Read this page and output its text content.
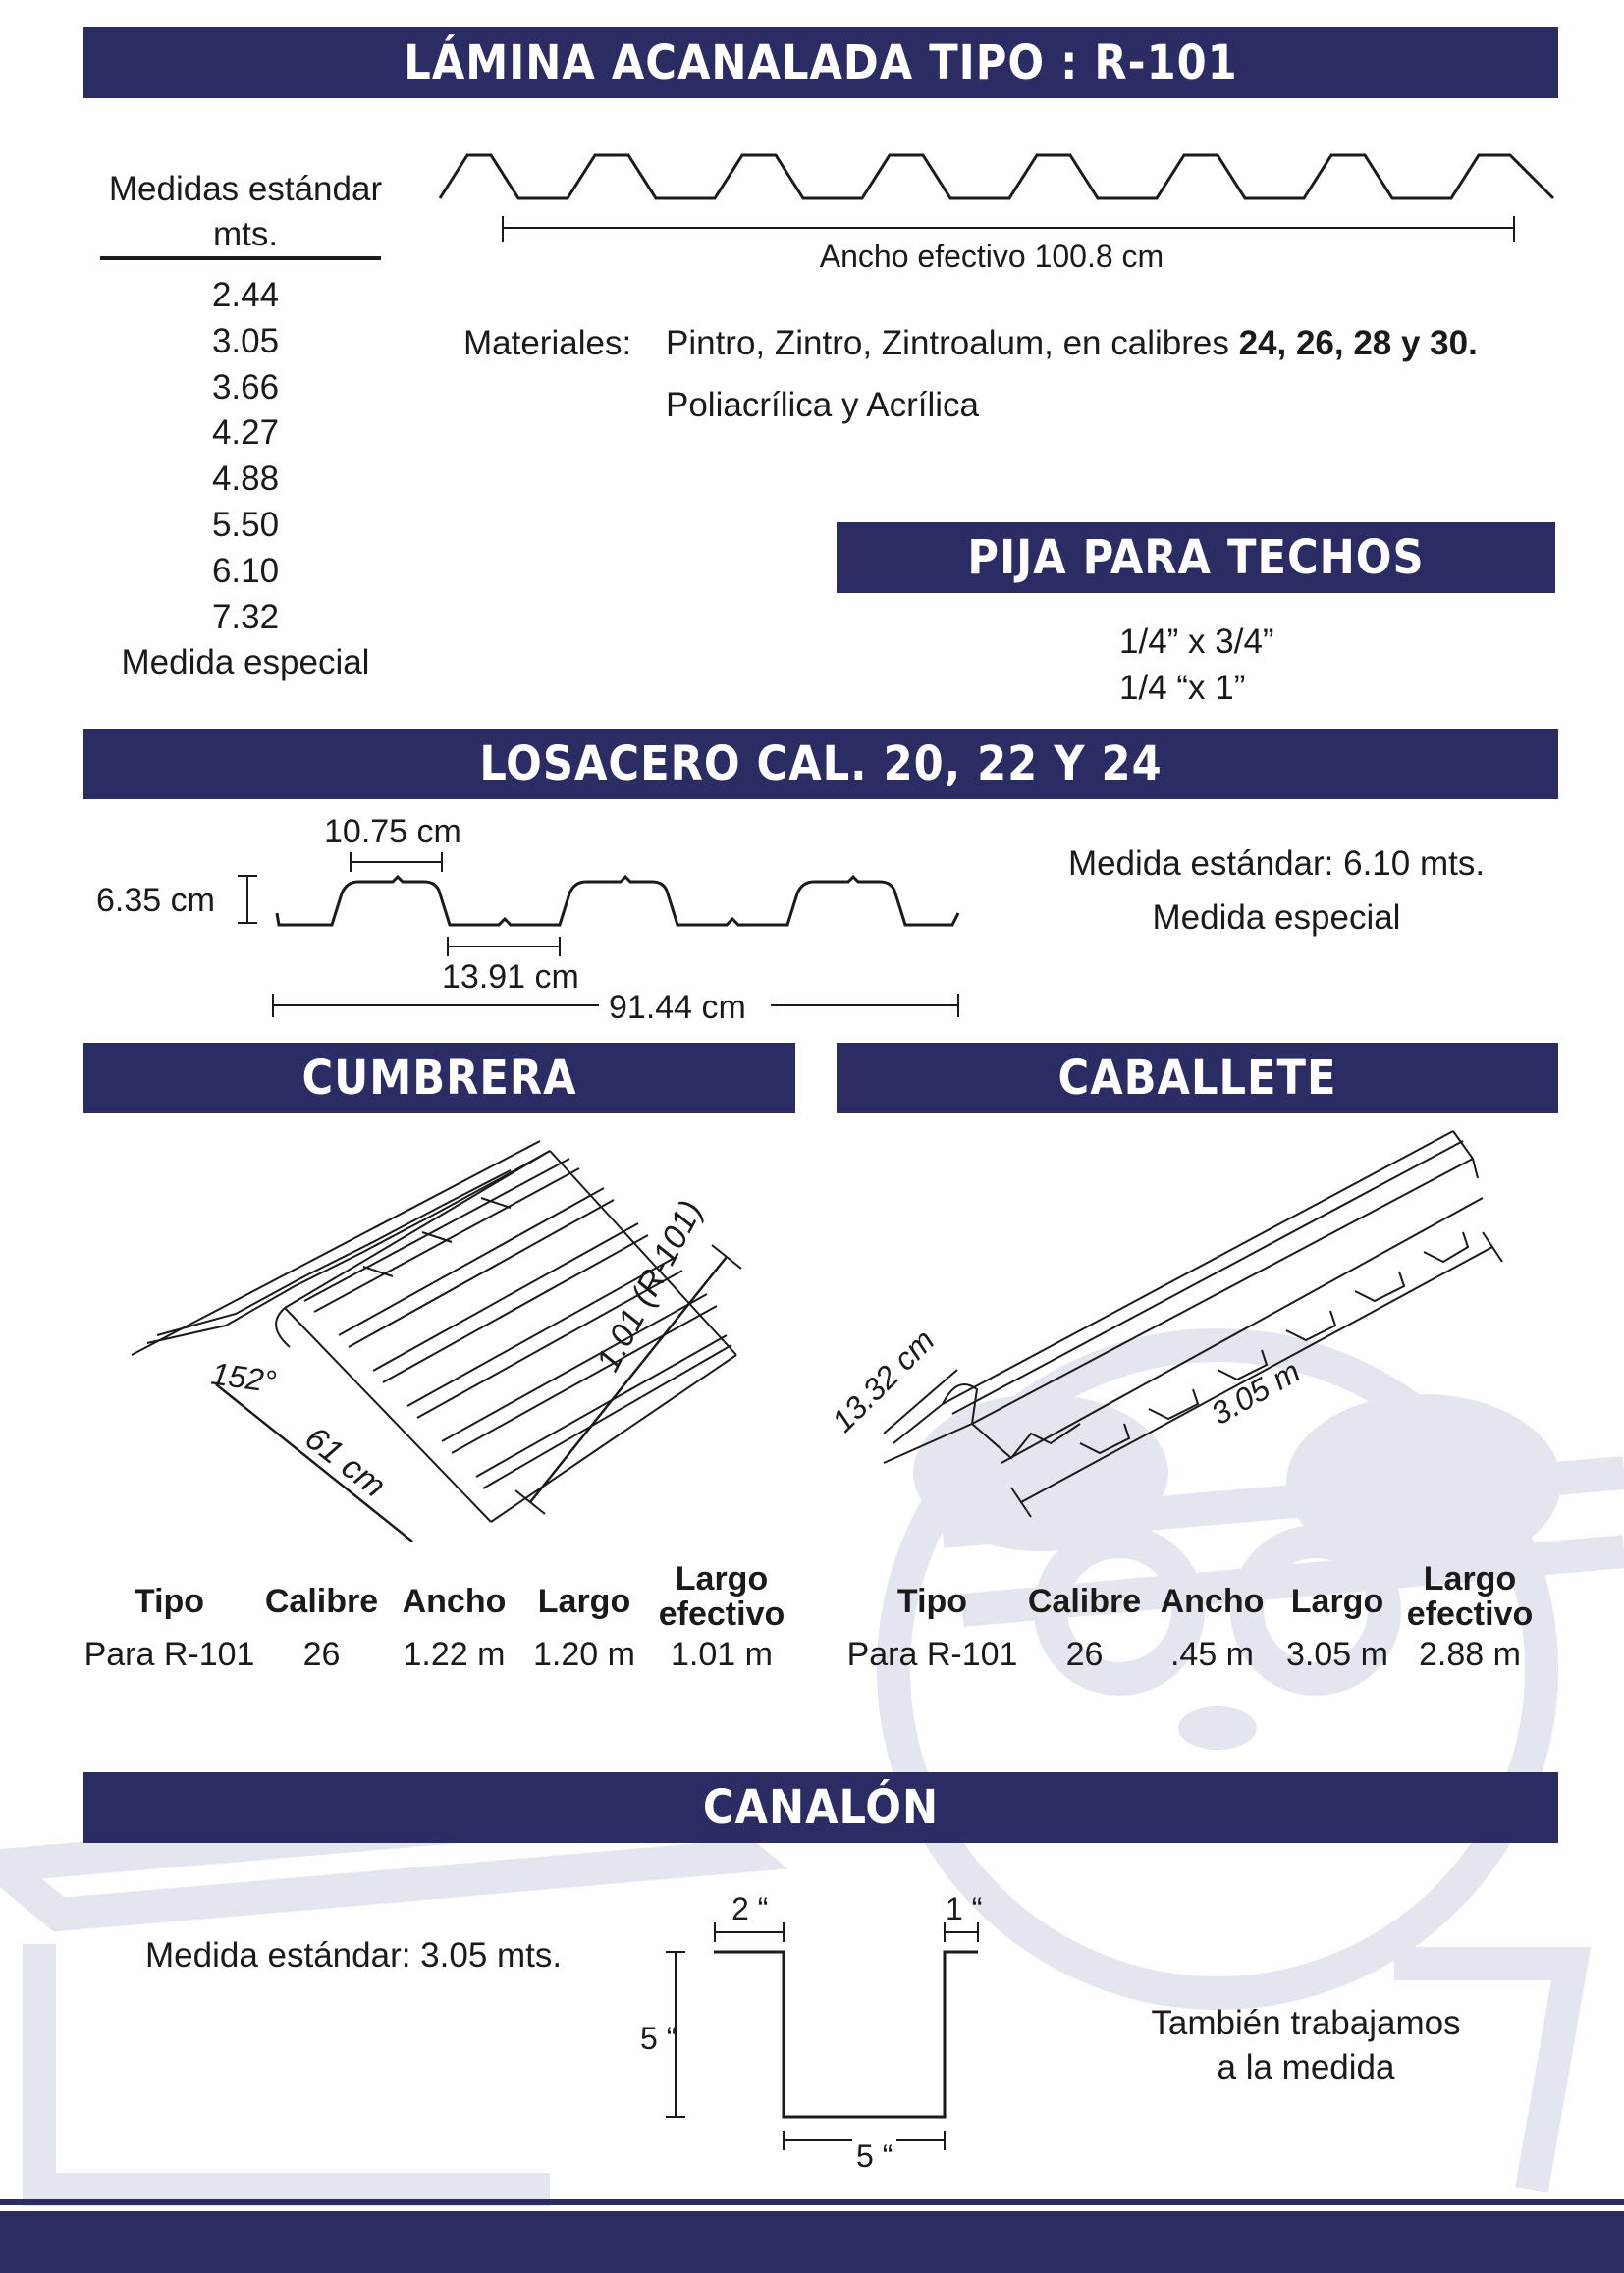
LÁMINA ACANALADA TIPO : R-101
Medidas estándar
mts.
2.44
3.05
3.66
4.27
4.88
5.50
6.10
7.32
Medida especial
Ancho efectivo 100.8 cm
Materiales: Pintro, Zintro, Zintroalum, en calibres 24, 26, 28 y 30.
Poliacrílica y Acrílica
PIJA PARA TECHOS
1/4” x 3/4”
1/4 “x 1”
LOSACERO CAL. 20, 22 Y 24
10.75 cm
6.35 cm
13.91 cm
91.44 cm
Medida estándar: 6.10 mts.
Medida especial
CUMBRERA
152°
61 cm
1.01 (R-101)
Tipo	Calibre Ancho Largo
Largo
efectivo
Para R-101	26	1.22 m 1.20 m	1.01 m
CABALLETE
13.32 cm	3.05 m
Tipo	Calibre Ancho Largo
Largo
efectivo
Para R-101	26	.45 m 3.05 m 2.88 m
CANALÓN
Medida estándar: 3.05 mts.
2 “	1 “
5 “
5 “
También trabajamos
a la medida
